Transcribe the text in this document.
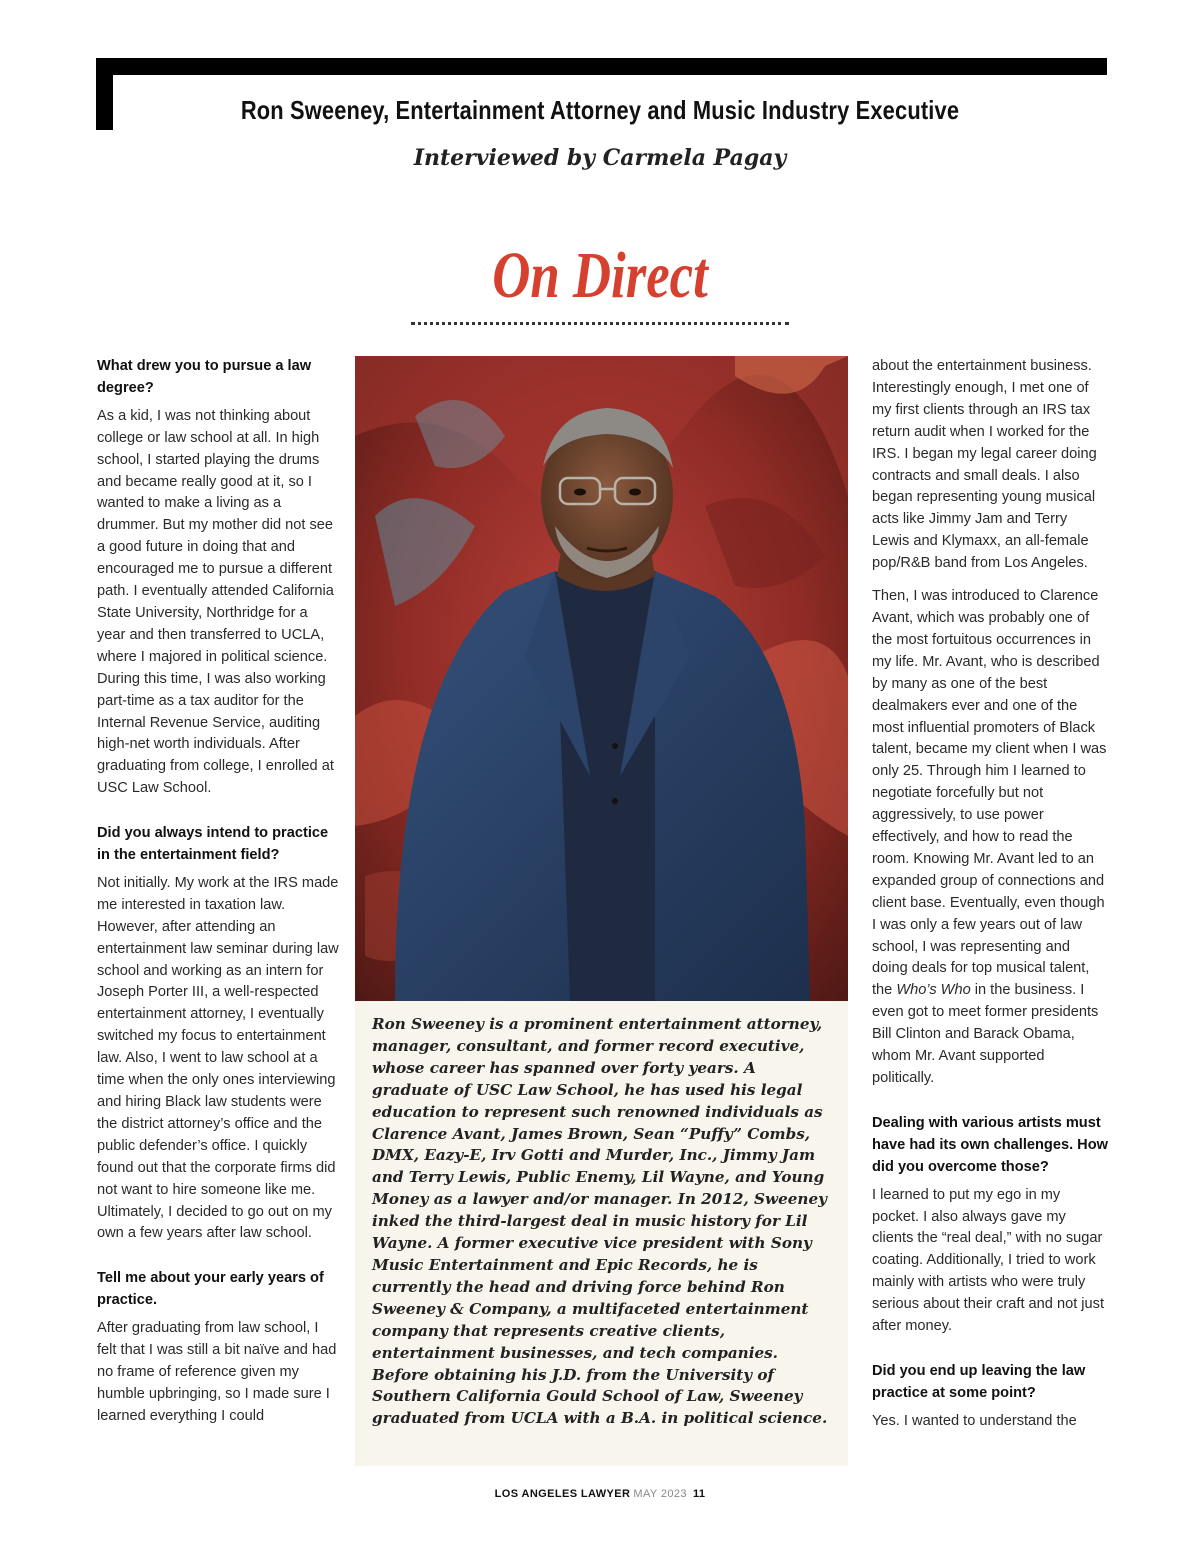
Ron Sweeney, Entertainment Attorney and Music Industry Executive
Interviewed by Carmela Pagay
On Direct

What drew you to pursue a law degree?

As a kid, I was not thinking about college or law school at all. In high school, I started playing the drums and became really good at it, so I wanted to make a living as a drummer. But my mother did not see a good future in doing that and encouraged me to pursue a different path. I eventually attended California State University, Northridge for a year and then transferred to UCLA, where I majored in political science. During this time, I was also working part-time as a tax auditor for the Internal Revenue Service, auditing high-net worth individuals. After graduating from college, I enrolled at USC Law School.

Did you always intend to practice in the entertainment field?

Not initially. My work at the IRS made me interested in taxation law. However, after attending an entertainment law seminar during law school and working as an intern for Joseph Porter III, a well-respected entertainment attorney, I eventually switched my focus to entertainment law. Also, I went to law school at a time when the only ones interviewing and hiring Black law students were the district attorney’s office and the public defender’s office. I quickly found out that the corporate firms did not want to hire someone like me. Ultimately, I decided to go out on my own a few years after law school.

Tell me about your early years of practice.

After graduating from law school, I felt that I was still a bit naïve and had no frame of reference given my humble upbringing, so I made sure I learned everything I could

Ron Sweeney is a prominent entertainment attorney, manager, consultant, and former record executive, whose career has spanned over forty years. A graduate of USC Law School, he has used his legal education to represent such renowned individuals as Clarence Avant, James Brown, Sean “Puffy” Combs, DMX, Eazy-E, Irv Gotti and Murder, Inc., Jimmy Jam and Terry Lewis, Public Enemy, Lil Wayne, and Young Money as a lawyer and/or manager. In 2012, Sweeney inked the third-largest deal in music history for Lil Wayne. A former executive vice president with Sony Music Entertainment and Epic Records, he is currently the head and driving force behind Ron Sweeney & Company, a multifaceted entertainment company that represents creative clients, entertainment businesses, and tech companies. Before obtaining his J.D. from the University of Southern California Gould School of Law, Sweeney graduated from UCLA with a B.A. in political science.

about the entertainment business. Interestingly enough, I met one of my first clients through an IRS tax return audit when I worked for the IRS. I began my legal career doing contracts and small deals. I also began representing young musical acts like Jimmy Jam and Terry Lewis and Klymaxx, an all-female pop/R&B band from Los Angeles.

Then, I was introduced to Clarence Avant, which was probably one of the most fortuitous occurrences in my life. Mr. Avant, who is described by many as one of the best dealmakers ever and one of the most influential promoters of Black talent, became my client when I was only 25. Through him I learned to negotiate forcefully but not aggressively, to use power effectively, and how to read the room. Knowing Mr. Avant led to an expanded group of connections and client base. Eventually, even though I was only a few years out of law school, I was representing and doing deals for top musical talent, the Who’s Who in the business. I even got to meet former presidents Bill Clinton and Barack Obama, whom Mr. Avant supported politically.

Dealing with various artists must have had its own challenges. How did you overcome those?

I learned to put my ego in my pocket. I also always gave my clients the “real deal,” with no sugar coating. Additionally, I tried to work mainly with artists who were truly serious about their craft and not just after money.

Did you end up leaving the law practice at some point?

Yes. I wanted to understand the

LOS ANGELES LAWYER MAY 2023 11
